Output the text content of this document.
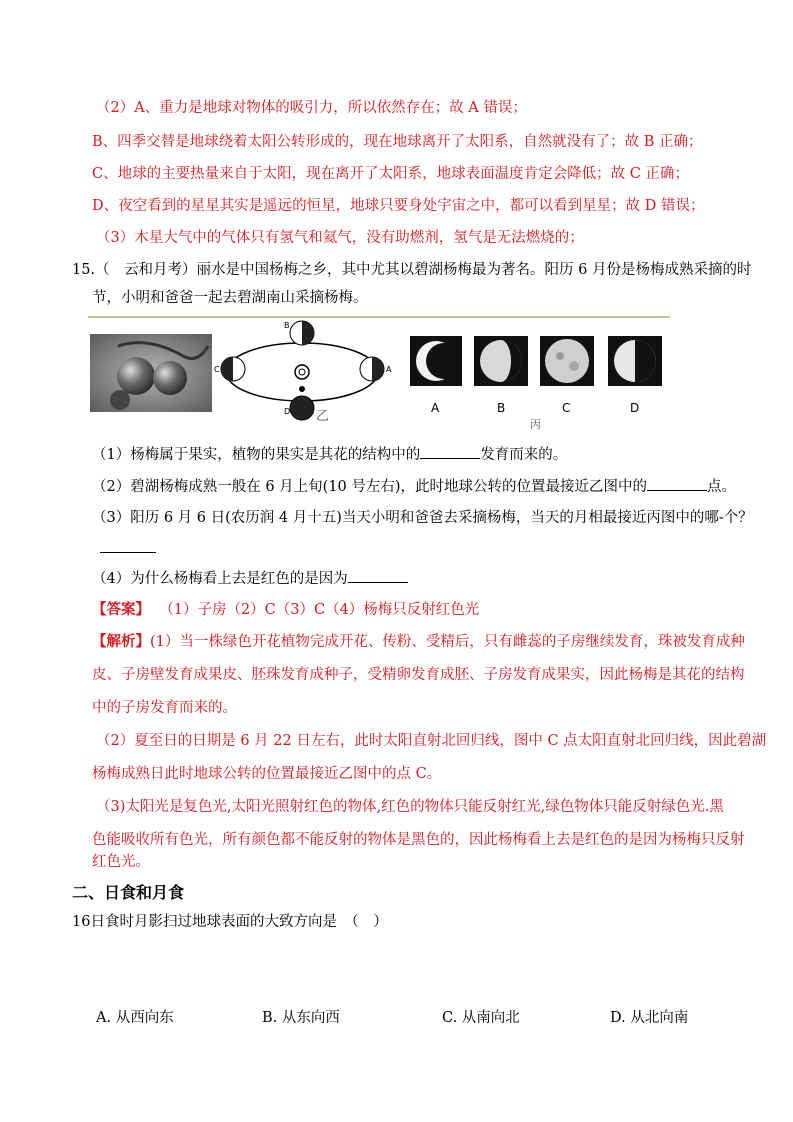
（2）A、重力是地球对物体的吸引力，所以依然存在；故 A 错误；
B、四季交替是地球绕着太阳公转形成的，现在地球离开了太阳系，自然就没有了；故 B 正确；
C、地球的主要热量来自于太阳，现在离开了太阳系，地球表面温度肯定会降低；故 C 正确；
D、夜空看到的星星其实是遥远的恒星，地球只要身处宇宙之中，都可以看到星星；故 D 错误；
（3）木星大气中的气体只有氢气和氦气，没有助燃剂，氢气是无法燃烧的；
15.（　云和月考）丽水是中国杨梅之乡，其中尤其以碧湖杨梅最为著名。阳历 6 月份是杨梅成熟采摘的时
节，小明和爸爸一起去碧湖南山采摘杨梅。
B
C	A
D 乙
A	B	C	D
丙
（1）杨梅属于果实，植物的果实是其花的结构中的	发育而来的。
（2）碧湖杨梅成熟一般在 6 月上旬(10 号左右)，此时地球公转的位置最接近乙图中的	点。
（3）阳历 6 月 6 日(农历润 4 月十五)当天小明和爸爸去采摘杨梅，当天的月相最接近丙图中的哪-个？
（4）为什么杨梅看上去是红色的是因为
【答案】 （1）子房（2）C（3）C（4）杨梅只反射红色光
【解析】(1）当一株绿色开花植物完成开花、传粉、受精后，只有雌蕊的子房继续发育，珠被发育成种
皮、子房壁发育成果皮、胚珠发育成种子，受精卵发育成胚、子房发育成果实，因此杨梅是其花的结构
中的子房发育而来的。
（2）夏至日的日期是 6 月 22 日左右，此时太阳直射北回归线，图中 C 点太阳直射北回归线，因此碧湖
杨梅成熟日此时地球公转的位置最接近乙图中的点 C。
（3)太阳光是复色光,太阳光照射红色的物体,红色的物体只能反射红光,绿色物体只能反射绿色光.黑
色能吸收所有色光，所有颜色都不能反射的物体是黑色的，因此杨梅看上去是红色的是因为杨梅只反射
红色光。
二、日食和月食
16日食时月影扫过地球表面的大致方向是　（　）
A. 从西向东	B. 从东向西	C. 从南向北	D. 从北向南
